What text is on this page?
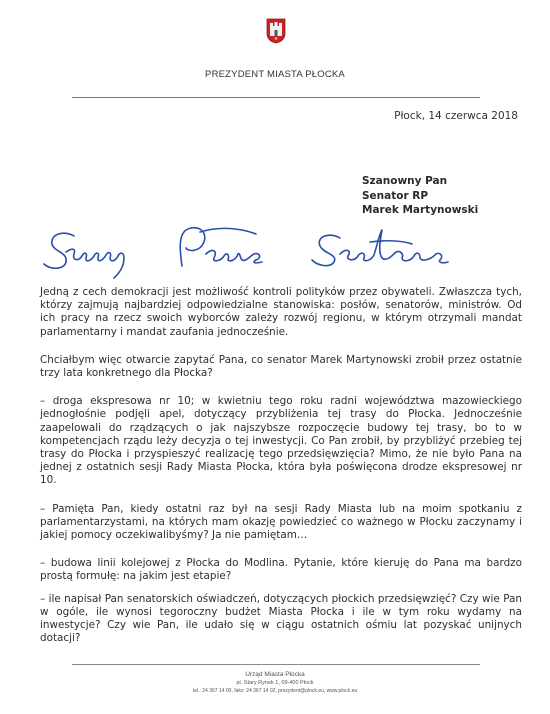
PREZYDENT MIASTA PŁOCKA
Płock, 14 czerwca 2018
Szanowny Pan
Senator RP
Marek Martynowski

Jedną z cech demokracji jest możliwość kontroli polityków przez obywateli. Zwłaszcza tych, którzy zajmują najbardziej odpowiedzialne stanowiska: posłów, senatorów, ministrów. Od ich pracy na rzecz swoich wyborców zależy rozwój regionu, w którym otrzymali mandat parlamentarny i mandat zaufania jednocześnie.

Chciałbym więc otwarcie zapytać Pana, co senator Marek Martynowski zrobił przez ostatnie trzy lata konkretnego dla Płocka?

– droga ekspresowa nr 10; w kwietniu tego roku radni województwa mazowieckiego jednogłośnie podjęli apel, dotyczący przybliżenia tej trasy do Płocka. Jednocześnie zaapelowali do rządzących o jak najszybsze rozpoczęcie budowy tej trasy, bo to w kompetencjach rządu leży decyzja o tej inwestycji. Co Pan zrobił, by przybliżyć przebieg tej trasy do Płocka i przyspieszyć realizację tego przedsięwzięcia? Mimo, że nie było Pana na jednej z ostatnich sesji Rady Miasta Płocka, która była poświęcona drodze ekspresowej nr 10.

– Pamięta Pan, kiedy ostatni raz był na sesji Rady Miasta lub na moim spotkaniu z parlamentarzystami, na których mam okazję powiedzieć co ważnego w Płocku zaczynamy i jakiej pomocy oczekiwalibyśmy? Ja nie pamiętam…

– budowa linii kolejowej z Płocka do Modlina. Pytanie, które kieruję do Pana ma bardzo prostą formułę: na jakim jest etapie?

– ile napisał Pan senatorskich oświadczeń, dotyczących płockich przedsięwzięć? Czy wie Pan w ogóle, ile wynosi tegoroczny budżet Miasta Płocka i ile w tym roku wydamy na inwestycje? Czy wie Pan, ile udało się w ciągu ostatnich ośmiu lat pozyskać unijnych dotacji?

Urząd Miasta Płocka
pl. Stary Rynek 1, 09-400 Płock
tel.: 24 367 14 00, faks: 24 367 14 02, prezydent@plock.eu, www.plock.eu
